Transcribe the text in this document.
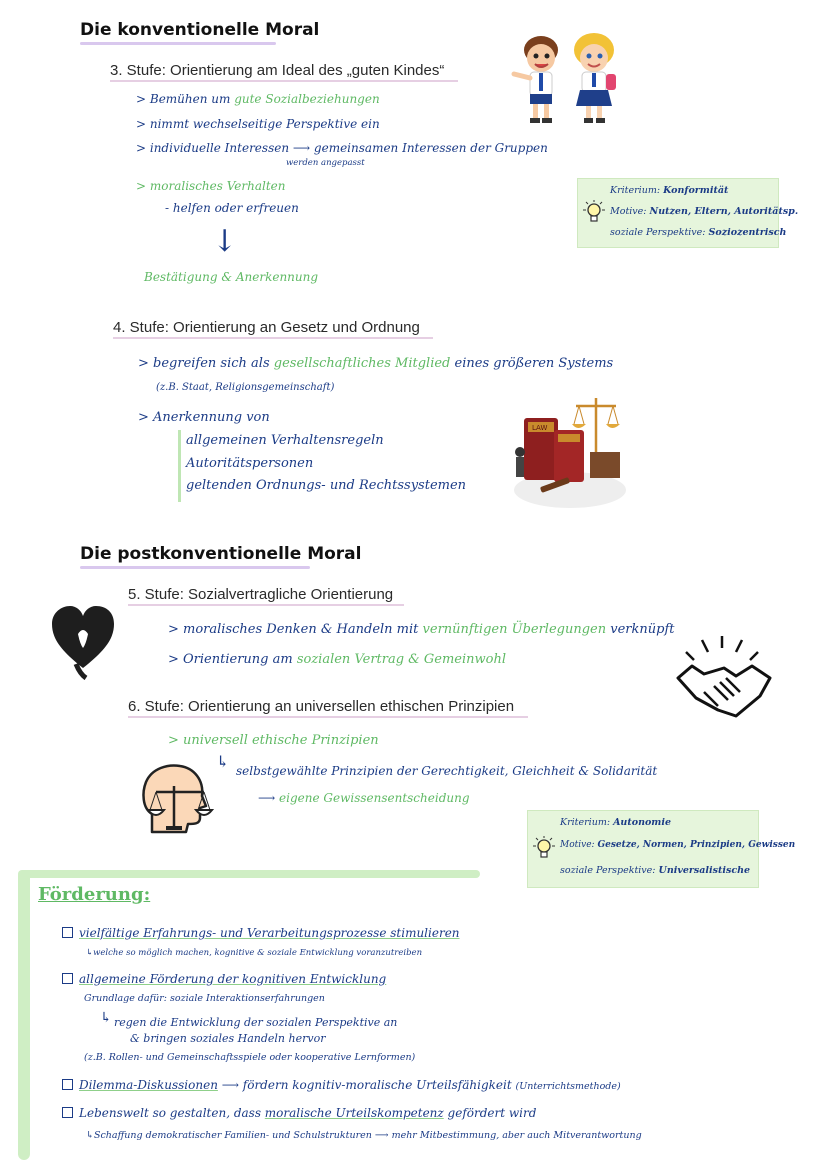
Die konventionelle Moral
3. Stufe: Orientierung am Ideal des „guten Kindes“
> Bemühen um gute Sozialbeziehungen
> nimmt wechselseitige Perspektive ein
> individuelle Interessen ⟶ gemeinsamen Interessen der Gruppen
werden angepasst
> moralisches Verhalten
- helfen oder erfreuen
↓
Bestätigung & Anerkennung
Kriterium: Konformität
Motive: Nutzen, Eltern, Autoritätsp.
soziale Perspektive: Soziozentrisch
4. Stufe: Orientierung an Gesetz und Ordnung
> begreifen sich als gesellschaftliches Mitglied eines größeren Systems
(z.B. Staat, Religionsgemeinschaft)
> Anerkennung von
allgemeinen Verhaltensregeln
Autoritätspersonen
geltenden Ordnungs- und Rechtssystemen
LAW
Die postkonventionelle Moral
5. Stufe: Sozialvertragliche Orientierung
> moralisches Denken & Handeln mit vernünftigen Überlegungen verknüpft
> Orientierung am sozialen Vertrag & Gemeinwohl
6. Stufe: Orientierung an universellen ethischen Prinzipien
> universell ethische Prinzipien
↳ selbstgewählte Prinzipien der Gerechtigkeit, Gleichheit & Solidarität
⟶ eigene Gewissensentscheidung
Kriterium: Autonomie
Motive: Gesetze, Normen, Prinzipien, Gewissen
soziale Perspektive: Universalistische
Förderung:
vielfältige Erfahrungs- und Verarbeitungsprozesse stimulieren
↳welche so möglich machen, kognitive & soziale Entwicklung voranzutreiben
allgemeine Förderung der kognitiven Entwicklung
Grundlage dafür: soziale Interaktionserfahrungen
↳ regen die Entwicklung der sozialen Perspektive an
& bringen soziales Handeln hervor
(z.B. Rollen- und Gemeinschaftsspiele oder kooperative Lernformen)
Dilemma-Diskussionen ⟶ fördern kognitiv-moralische Urteilsfähigkeit (Unterrichtsmethode)
Lebenswelt so gestalten, dass moralische Urteilskompetenz gefördert wird
↳Schaffung demokratischer Familien- und Schulstrukturen ⟶ mehr Mitbestimmung, aber auch Mitverantwortung
